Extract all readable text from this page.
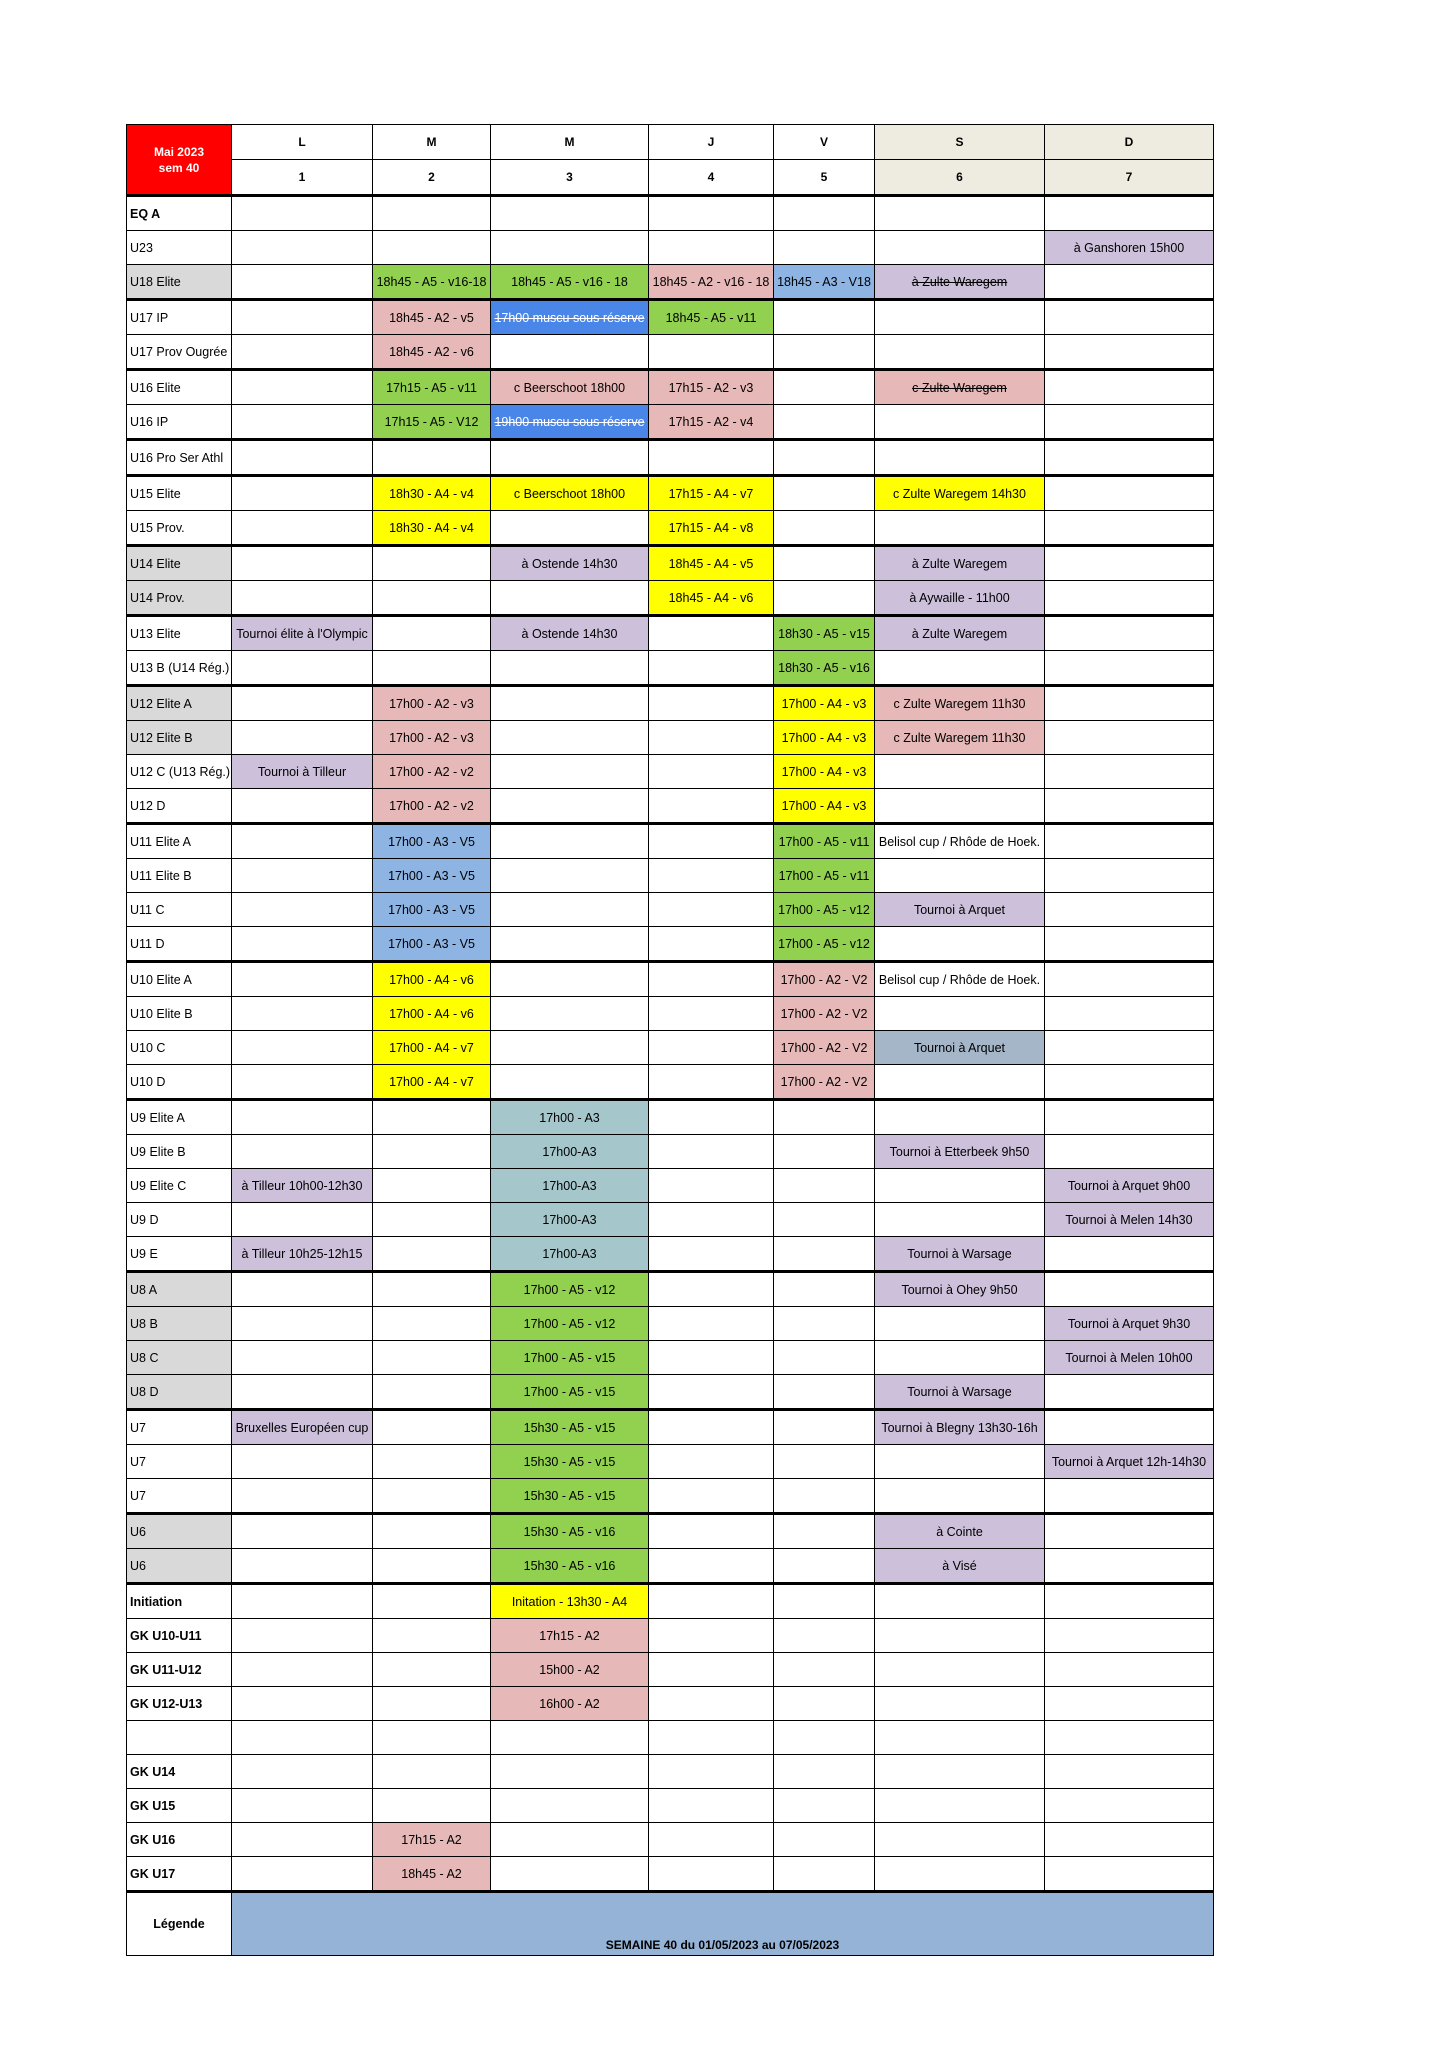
Mai 2023
sem 40	L	M	M	J	V	S	D
	1	2	3	4	5	6	7
EQ A							
U23							à Ganshoren 15h00
U18 Elite		18h45 - A5 - v16-18	18h45 - A5 - v16 - 18	18h45 - A2 - v16 - 18	18h45 - A3 - V18	à Zulte Waregem	
U17 IP		18h45 - A2 - v5	17h00 muscu sous réserve	18h45 - A5 - v11			
U17 Prov Ougrée		18h45 - A2 - v6					
U16 Elite		17h15 - A5 - v11	c Beerschoot 18h00	17h15 - A2 - v3		c Zulte Waregem	
U16 IP		17h15 - A5 - V12	19h00 muscu sous réserve	17h15 - A2 - v4			
U16 Pro Ser Athl							
U15 Elite		18h30 - A4 - v4	c Beerschoot 18h00	17h15 - A4 - v7		c Zulte Waregem 14h30	
U15 Prov.		18h30 - A4 - v4		17h15 - A4 - v8			
U14 Elite			à Ostende 14h30	18h45 - A4 - v5		à Zulte Waregem	
U14 Prov.				18h45 - A4 - v6		à Aywaille - 11h00	
U13 Elite	Tournoi élite à l'Olympic		à Ostende 14h30		18h30 - A5 - v15	à Zulte Waregem	
U13 B (U14 Rég.)					18h30 - A5 - v16		
U12 Elite A		17h00 - A2 - v3			17h00 - A4 - v3	c Zulte Waregem 11h30	
U12 Elite B		17h00 - A2 - v3			17h00 - A4 - v3	c Zulte Waregem 11h30	
U12 C (U13 Rég.)	Tournoi à Tilleur	17h00 - A2 - v2			17h00 - A4 - v3		
U12 D		17h00 - A2 - v2			17h00 - A4 - v3		
U11 Elite A		17h00 - A3 - V5			17h00 - A5 - v11	Belisol cup / Rhôde de Hoek.	
U11 Elite B		17h00 - A3 - V5			17h00 - A5 - v11		
U11 C		17h00 - A3 - V5			17h00 - A5 - v12	Tournoi à Arquet	
U11 D		17h00 - A3 - V5			17h00 - A5 - v12		
U10 Elite A		17h00 - A4 - v6			17h00 - A2 - V2	Belisol cup / Rhôde de Hoek.	
U10 Elite B		17h00 - A4 - v6			17h00 - A2 - V2		
U10 C		17h00 - A4 - v7			17h00 - A2 - V2	Tournoi à Arquet	
U10 D		17h00 - A4 - v7			17h00 - A2 - V2		
U9 Elite A			17h00 - A3				
U9 Elite B			17h00-A3			Tournoi à Etterbeek 9h50	
U9 Elite C	à Tilleur 10h00-12h30		17h00-A3				Tournoi à Arquet 9h00
U9 D			17h00-A3				Tournoi à Melen 14h30
U9 E	à Tilleur 10h25-12h15		17h00-A3			Tournoi à Warsage	
U8 A			17h00 - A5 - v12			Tournoi à Ohey 9h50	
U8 B			17h00 - A5 - v12				Tournoi à Arquet 9h30
U8 C			17h00 - A5 - v15				Tournoi à Melen 10h00
U8 D			17h00 - A5 - v15			Tournoi à Warsage	
U7	Bruxelles Européen cup		15h30 - A5 - v15			Tournoi à Blegny 13h30-16h	
U7			15h30 - A5 - v15				Tournoi à Arquet 12h-14h30
U7			15h30 - A5 - v15				
U6			15h30 - A5 - v16			à Cointe	
U6			15h30 - A5 - v16			à Visé	
Initiation			Initation - 13h30 - A4				
GK U10-U11			17h15 - A2				
GK U11-U12			15h00 - A2				
GK U12-U13			16h00 - A2				

GK U14							
GK U15							
GK U16		17h15 - A2					
GK U17		18h45 - A2					
Légende	SEMAINE 40 du 01/05/2023 au 07/05/2023						
